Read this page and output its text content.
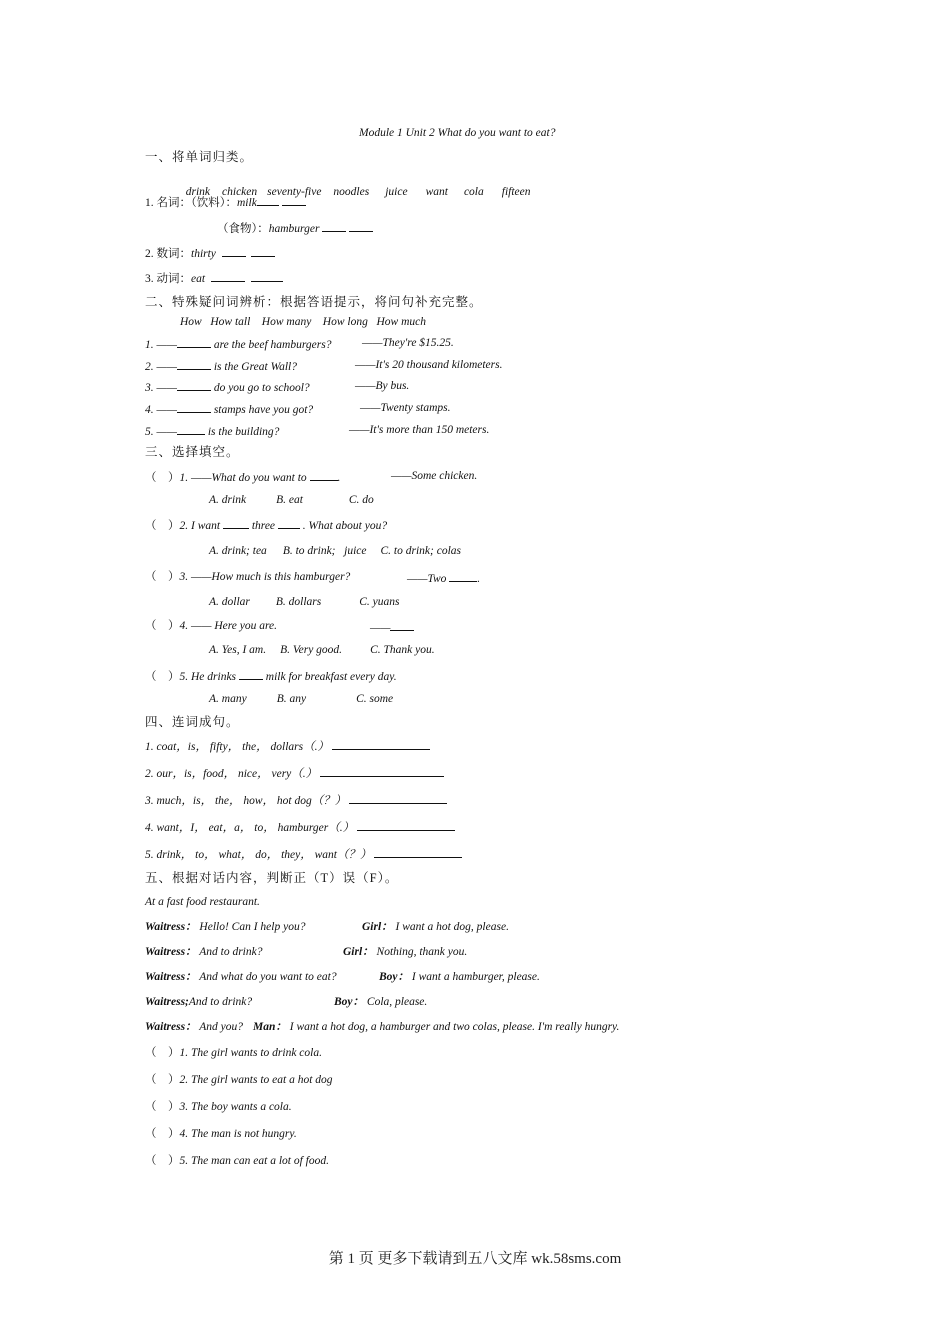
Module 1 Unit 2 What do you want to eat?
一、将单词归类。

drink chicken seventy-five noodles juice want cola fifteen

1. 名词：（饮料）：milk
（食物）：hamburger
2. 数词：thirty
3. 动词：eat
二、特殊疑问词辨析：根据答语提示，将问句补充完整。
How   How tall    How many    How long   How much
1. ——	are the beef hamburgers?	——They're $15.25.
2. ——	is the Great Wall?	——It's 20 thousand kilometers.
3. ——	do you go to school?	——By bus.
4. ——	stamps have you got?	——Twenty stamps.
5. —— is the building?	——It's more than 150 meters.
三、选择填空。
（    ）1. ——What do you want to	.	——Some chicken.
A. drink	B. eat	C. do
（    ）2. I want	three . What about you?
A. drink; tea B. to drink;   juice C. to drink; colas
（    ）3. ——How much is this hamburger?	——Two	.
A. dollar B. dollars	C. yuans
（    ）4. —— Here you are.	——
A. Yes, I am. B. Very good. C. Thank you.
（    ）5. He drinks	milk for breakfast every day.
A. many	B. any	C. some
四、连词成句。
1. coat，is， fifty， the， dollars（.）
2. our，is，food， nice， very（.）
3. much，is， the， how， hot dog（？）
4. want，I， eat，a， to， hamburger（.）
5. drink， to， what， do， they， want（？）
五、根据对话内容，判断正（T）误（F）。
At a fast food restaurant.
Waitress： Hello! Can I help you?	Girl： I want a hot dog, please.
Waitress： And to drink?	Girl： Nothing, thank you.
Waitress： And what do you want to eat?	Boy： I want a hamburger, please.
Waitress;And to drink?	Boy： Cola, please.
Waitress： And you? Man： I want a hot dog, a hamburger and two colas, please. I'm really hungry.
（    ）1. The girl wants to drink cola.
（    ）2. The girl wants to eat a hot dog
（    ）3. The boy wants a cola.
（    ）4. The man is not hungry.
（    ）5. The man can eat a lot of food.
第 1 页 更多下载请到五八文库 wk.58sms.com
